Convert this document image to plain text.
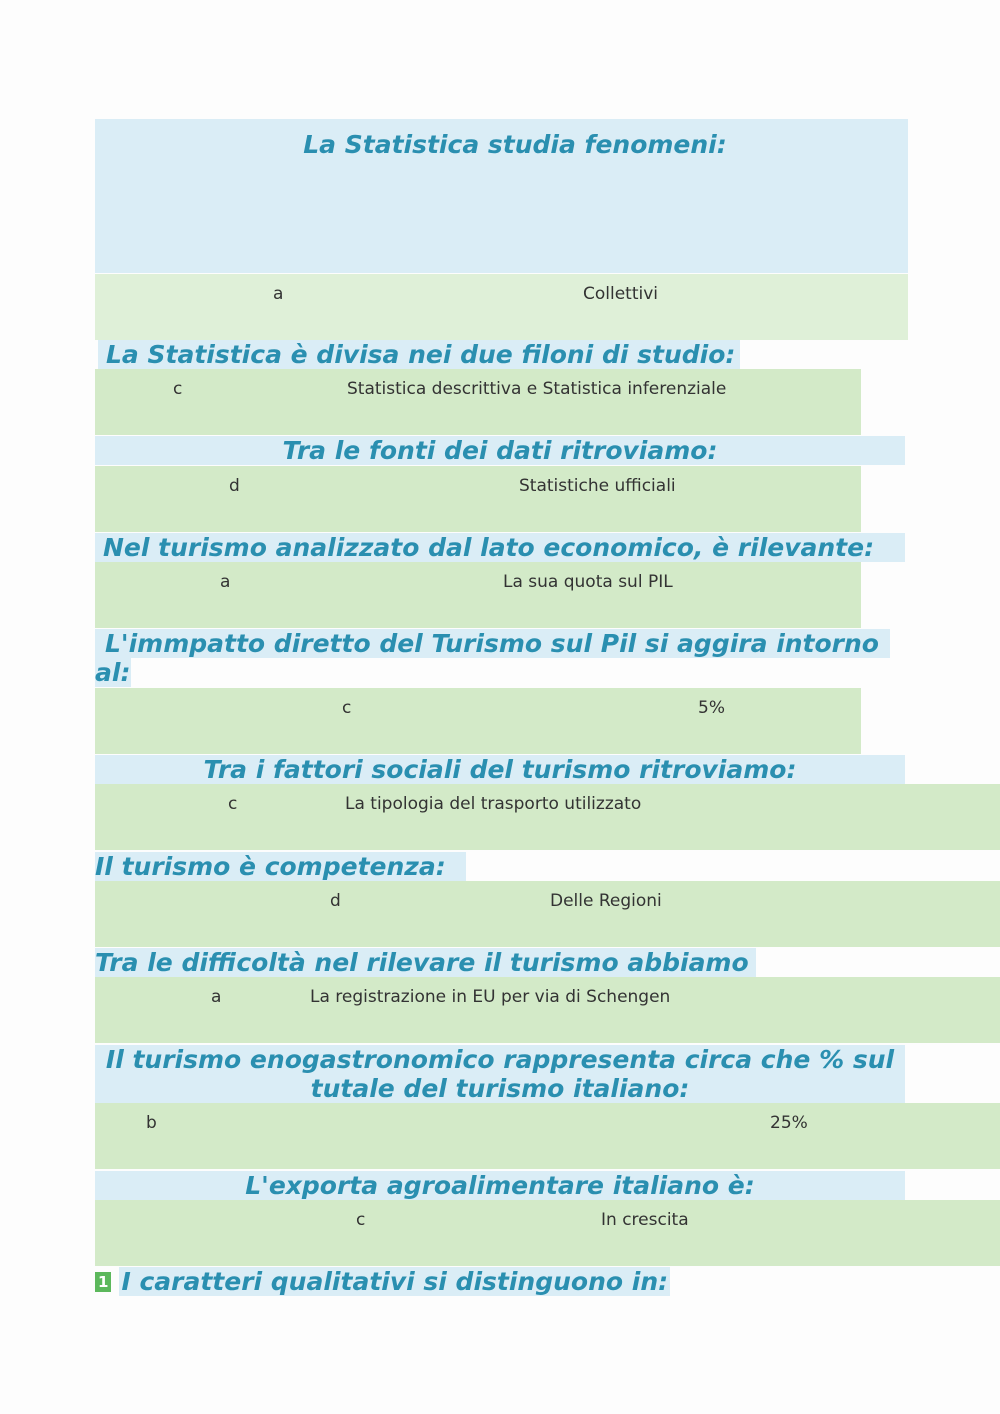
La Statistica studia fenomeni:
a	Collettivi
La Statistica è divisa nei due filoni di studio:
c	Statistica descrittiva e Statistica inferenziale
Tra le fonti dei dati ritroviamo:
d	Statistiche ufficiali
Nel turismo analizzato dal lato economico, è rilevante:
a	La sua quota sul PIL
L'immpatto diretto del Turismo sul Pil si aggira intorno
al:
c	5%
Tra i fattori sociali del turismo ritroviamo:
c	La tipologia del trasporto utilizzato
Il turismo è competenza:
d	Delle Regioni
Tra le difficoltà nel rilevare il turismo abbiamo
a	La registrazione in EU per via di Schengen
Il turismo enogastronomico rappresenta circa che % sul
tutale del turismo italiano:
b	25%
L'exporta agroalimentare italiano è:
c	In crescita
1 I caratteri qualitativi si distinguono in:
